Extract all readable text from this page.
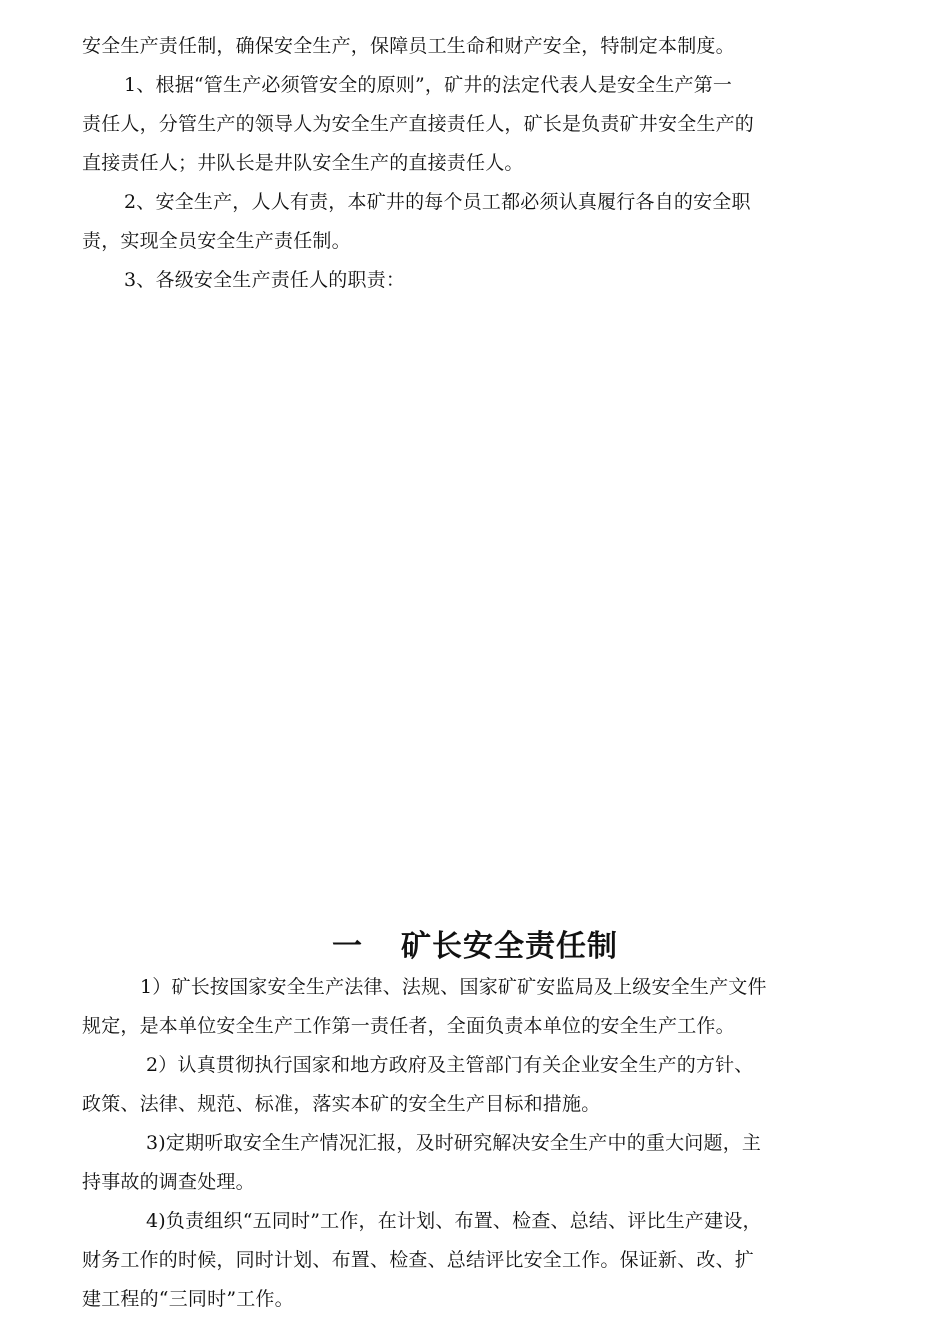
安全生产责任制，确保安全生产，保障员工生命和财产安全，特制定本制度。
1、根据“管生产必须管安全的原则”，矿井的法定代表人是安全生产第一
责任人，分管生产的领导人为安全生产直接责任人，矿长是负责矿井安全生产的
直接责任人；井队长是井队安全生产的直接责任人。
2、安全生产，人人有责，本矿井的每个员工都必须认真履行各自的安全职
责，实现全员安全生产责任制。
3、各级安全生产责任人的职责：
一 矿长安全责任制
1）矿长按国家安全生产法律、法规、国家矿矿安监局及上级安全生产文件
规定，是本单位安全生产工作第一责任者，全面负责本单位的安全生产工作。
2）认真贯彻执行国家和地方政府及主管部门有关企业安全生产的方针、
政策、法律、规范、标准，落实本矿的安全生产目标和措施。
3)定期听取安全生产情况汇报，及时研究解决安全生产中的重大问题，主
持事故的调查处理。
4)负责组织“五同时”工作，在计划、布置、检查、总结、评比生产建设，
财务工作的时候，同时计划、布置、检查、总结评比安全工作。保证新、改、扩
建工程的“三同时”工作。
